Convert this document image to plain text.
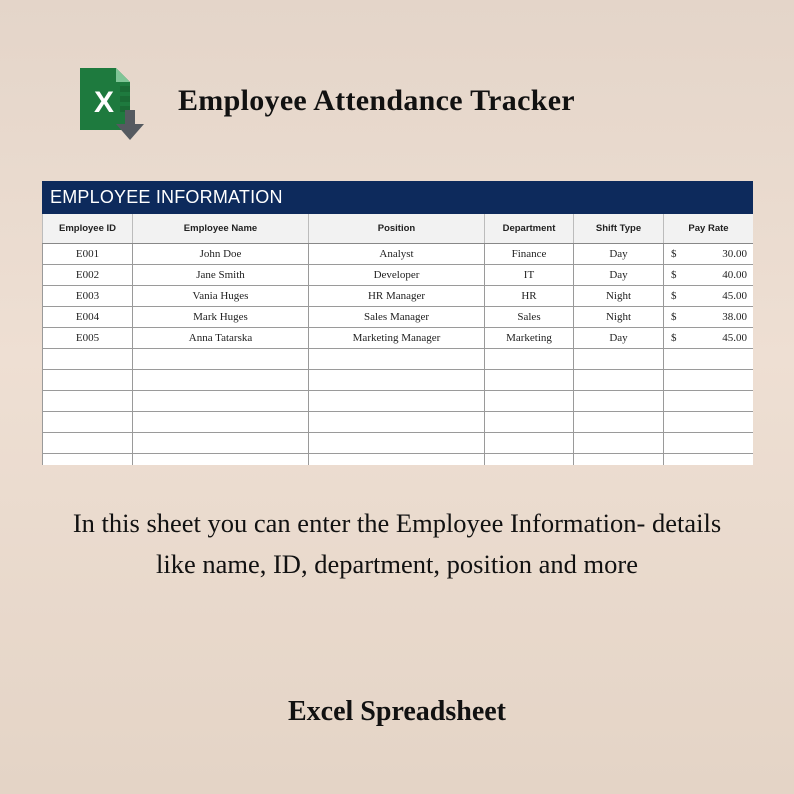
X Employee Attendance Tracker
EMPLOYEE INFORMATION
Employee ID	Employee Name	Position	Department	Shift Type	Pay Rate
E001	John Doe	Analyst	Finance	Day	$ 30.00
E002	Jane Smith	Developer	IT	Day	$ 40.00
E003	Vania Huges	HR Manager	HR	Night	$ 45.00
E004	Mark Huges	Sales Manager	Sales	Night	$ 38.00
E005	Anna Tatarska	Marketing Manager	Marketing	Day	$ 45.00

In this sheet you can enter the Employee Information- details
like name, ID, department, position and more
Excel Spreadsheet
